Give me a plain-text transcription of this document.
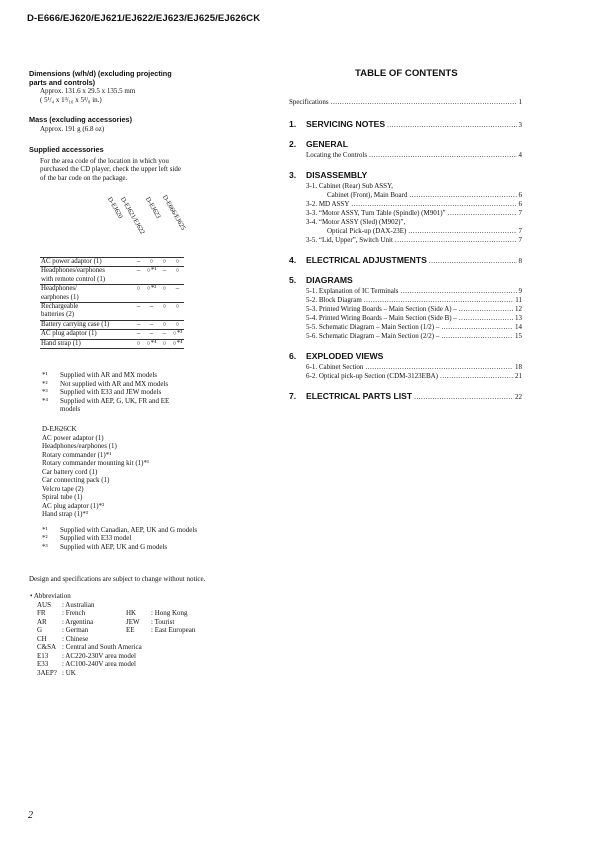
D-E666/EJ620/EJ621/EJ622/EJ623/EJ625/EJ626CK
Dimensions (w/h/d) (excluding projecting
parts and controls)
Approx. 131.6 x 29.5 x 135.5 mm
( 5¹/₄ x 1³/₁₆ x 5³/₈ in.)
Mass (excluding accessories)
Approx. 191 g (6.8 oz)
Supplied accessories
For the area code of the location in which you
purchased the CD player, check the upper left side
of the bar code on the package.
D-EJ620
D-EJ621/EJ622
D-EJ623 D-E666/EJ625
AC power adaptor (1)	–	○	○	○

Headphones/earphones
with remote control (1)	–	○*¹	–	○

Headphones/
earphones (1)	○	○*²	○	–

Rechargeable
batteries (2)	–	–	○	○

Battery carrying case (1)	–	–	○	○

AC plug adaptor (1)	–	–	–	○*³

Hand strap (1)	○	○*⁴	○	○*⁴
*¹	Supplied with AR and MX models
*²	Not supplied with AR and MX models
*³	Supplied with E33 and JEW models
*⁴	Supplied with AEP, G, UK, FR and EE
models
D-EJ626CK
AC power adaptor (1)
Headphones/earphones (1)
Rotary commander (1)*¹
Rotary commander mounting kit (1)*¹
Car battery cord (1)
Car connecting pack (1)
Velcro tape (2)
Spiral tube (1)
AC plug adaptor (1)*²
Hand strap (1)*³
*¹	Supplied with Canadian, AEP, UK and G models
*²	Supplied with E33 model
*³	Supplied with AEP, UK and G models
Design and specifications are subject to change without notice.
• Abbreviation
AUS	: Australian
FR	: French	HK	: Hong Kong
AR	: Argentina	JEW	: Tourist
G	: German	EE	: East European
CH	: Chinese
C&SA : Central and South America
E13	: AC220-230V area model
E33	: AC100-240V area model
3AEP? : UK
TABLE OF CONTENTS
Specifications . . .	1
1.	SERVICING NOTES . . .	3
2.	GENERAL
Locating the Controls . . .	4
3.	DISASSEMBLY
3-1. Cabinet (Rear) Sub ASSY,
Cabinet (Front), Main Board . . .	6
3-2. MD ASSY . . .	6
3-3. “Motor ASSY, Turn Table (Spindle) (M901)” . . .	7
3-4. “Motor ASSY (Sled) (M902)”,
Optical Pick-up (DAX-23E) . . .	7
3-5. “Lid, Upper”, Switch Unit . . .	7
4.	ELECTRICAL ADJUSTMENTS . . .	8
5.	DIAGRAMS
5-1. Explanation of IC Terminals . . .	9
5-2. Block Diagram . . .	11
5-3. Printed Wiring Boards – Main Section (Side A) – . . .	12
5-4. Printed Wiring Boards – Main Section (Side B) – . . .	13
5-5. Schematic Diagram – Main Section (1/2) – . . .	14
5-6. Schematic Diagram – Main Section (2/2) – . . .	15
6.	EXPLODED VIEWS
6-1. Cabinet Section . . .	18
6-2. Optical pick-up Section (CDM-3123EBA) . . .	21
7.	ELECTRICAL PARTS LIST . . .	22
2
